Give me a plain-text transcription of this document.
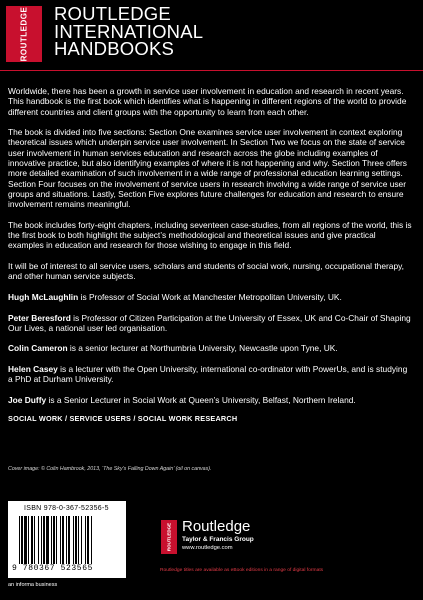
ROUTLEDGE ROUTLEDGE
INTERNATIONAL
HANDBOOKS

Worldwide, there has been a growth in service user involvement in education and research in recent years. This handbook is the first book which identifies what is happening in different regions of the world to provide different countries and client groups with the opportunity to learn from each other.

The book is divided into five sections: Section One examines service user involvement in context exploring theoretical issues which underpin service user involvement. In Section Two we focus on the state of service user involvement in human services education and research across the globe including examples of innovative practice, but also identifying examples of where it is not happening and why. Section Three offers more detailed examination of such involvement in a wide range of professional education learning settings. Section Four focuses on the involvement of service users in research involving a wide range of service user groups and situations. Lastly, Section Five explores future challenges for education and research to ensure involvement remains meaningful.

The book includes forty-eight chapters, including seventeen case-studies, from all regions of the world, this is the first book to both highlight the subject’s methodological and theoretical issues and give practical examples in education and research for those wishing to engage in this field.

It will be of interest to all service users, scholars and students of social work, nursing, occupational therapy, and other human service subjects.

Hugh McLaughlin is Professor of Social Work at Manchester Metropolitan University, UK.

Peter Beresford is Professor of Citizen Participation at the University of Essex, UK and Co-Chair of Shaping Our Lives, a national user led organisation.

Colin Cameron is a senior lecturer at Northumbria University, Newcastle upon Tyne, UK.

Helen Casey is a lecturer with the Open University, international co-ordinator with PowerUs, and is studying a PhD at Durham University.

Joe Duffy is a Senior Lecturer in Social Work at Queen’s University, Belfast, Northern Ireland.

SOCIAL WORK / SERVICE USERS / SOCIAL WORK RESEARCH

Cover image: © Colin Hambrook, 2013, ‘The Sky’s Falling Down Again’ (oil on canvas).
ISBN 978-0-367-52356-5
9 780367 523565
an informa business
ROUTLEDGE Routledge
Taylor & Francis Group
www.routledge.com
Routledge titles are available as eBook editions in a range of digital formats
